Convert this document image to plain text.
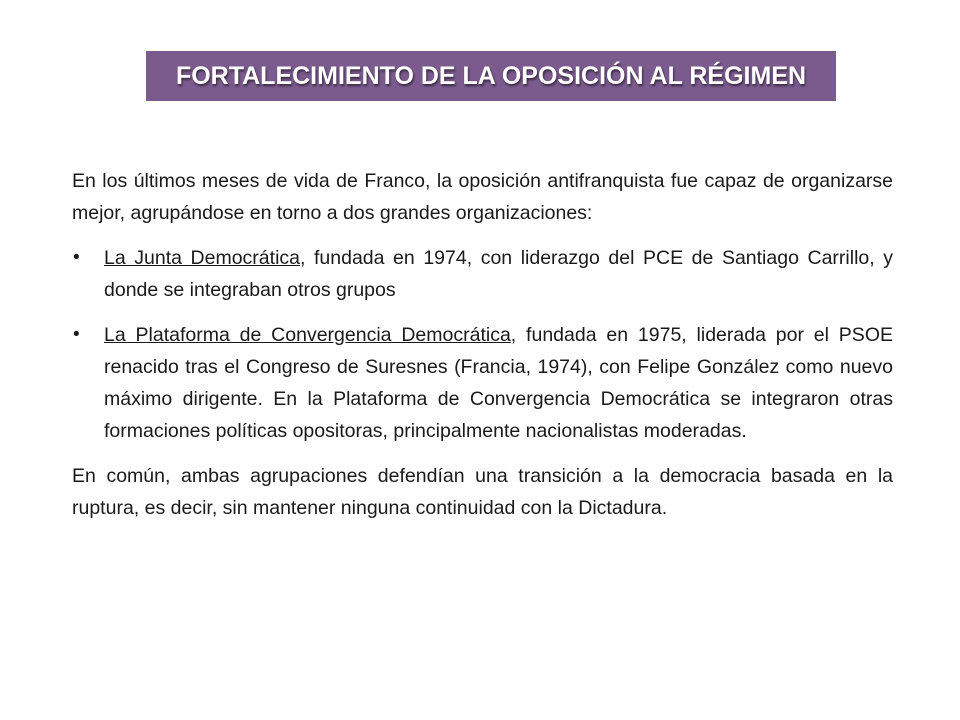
FORTALECIMIENTO DE LA OPOSICIÓN AL RÉGIMEN

En los últimos meses de vida de Franco, la oposición antifranquista fue capaz de organizarse mejor, agrupándose en torno a dos grandes organizaciones:

• La Junta Democrática, fundada en 1974, con liderazgo del PCE de Santiago Carrillo, y donde se integraban otros grupos
• La Plataforma de Convergencia Democrática, fundada en 1975, liderada por el PSOE renacido tras el Congreso de Suresnes (Francia, 1974), con Felipe González como nuevo máximo dirigente. En la Plataforma de Convergencia Democrática se integraron otras formaciones políticas opositoras, principalmente nacionalistas moderadas.

En común, ambas agrupaciones defendían una transición a la democracia basada en la ruptura, es decir, sin mantener ninguna continuidad con la Dictadura.
